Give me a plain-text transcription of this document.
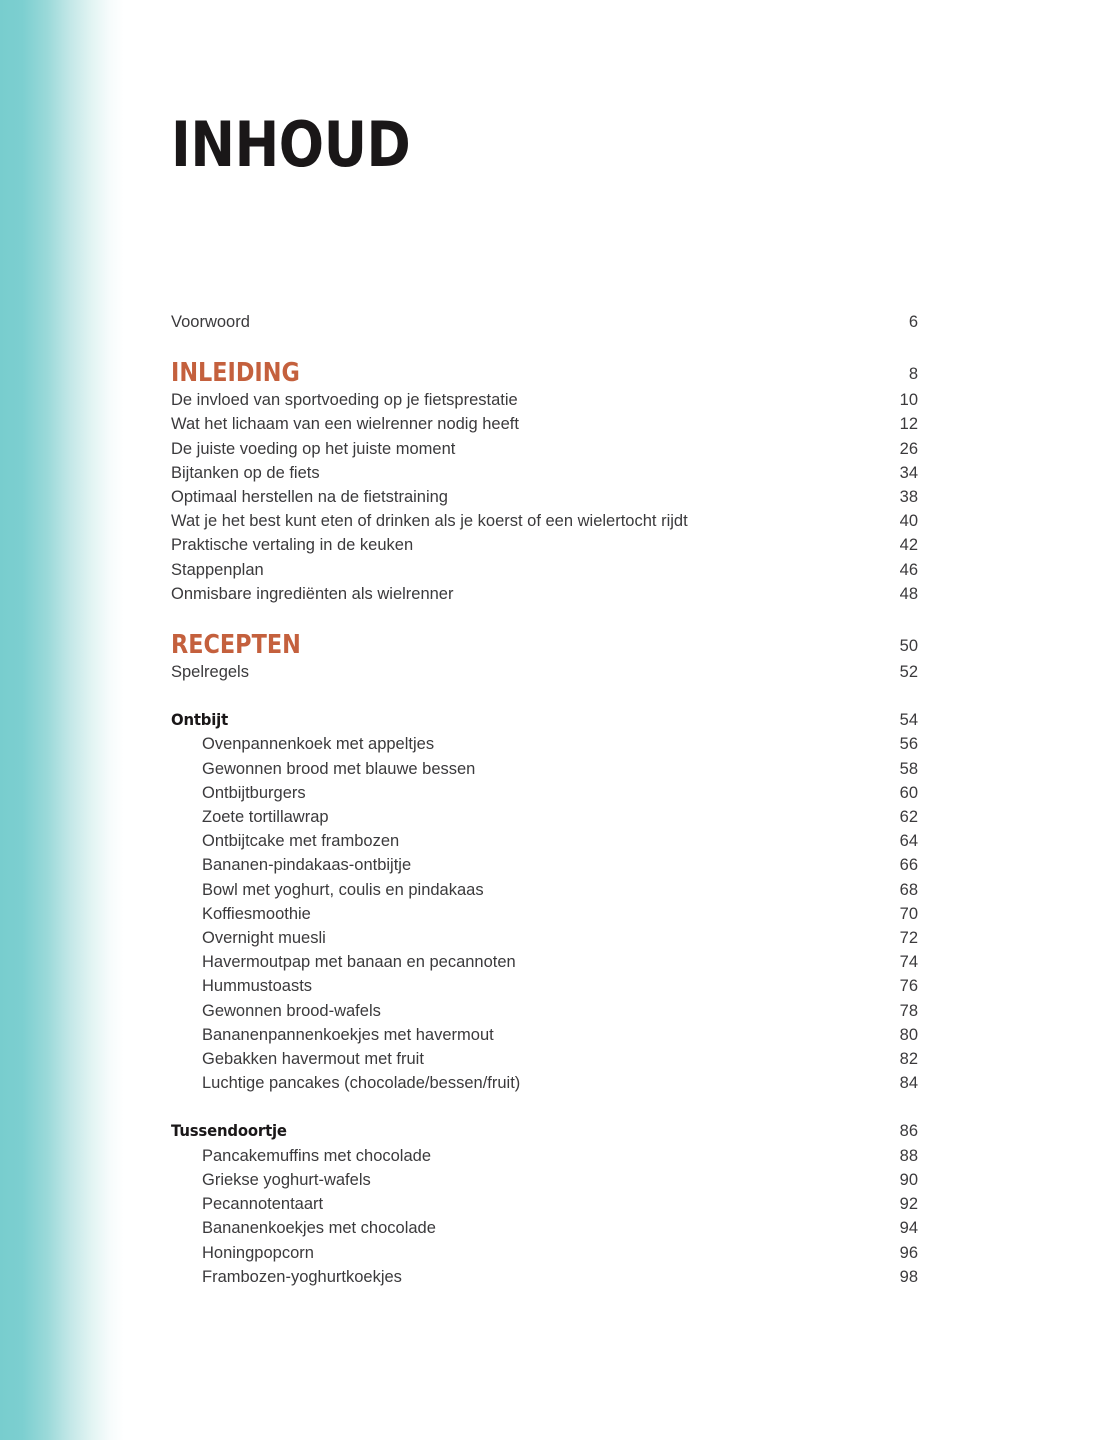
INHOUD
Voorwoord	6
INLEIDING	8
De invloed van sportvoeding op je fietsprestatie	10
Wat het lichaam van een wielrenner nodig heeft	12
De juiste voeding op het juiste moment	26
Bijtanken op de fiets	34
Optimaal herstellen na de fietstraining	38
Wat je het best kunt eten of drinken als je koerst of een wielertocht rijdt	40
Praktische vertaling in de keuken	42
Stappenplan	46
Onmisbare ingrediënten als wielrenner	48
RECEPTEN	50
Spelregels	52
Ontbijt	54
Ovenpannenkoek met appeltjes	56
Gewonnen brood met blauwe bessen	58
Ontbijtburgers	60
Zoete tortillawrap	62
Ontbijtcake met frambozen	64
Bananen-pindakaas-ontbijtje	66
Bowl met yoghurt, coulis en pindakaas	68
Koffiesmoothie	70
Overnight muesli	72
Havermoutpap met banaan en pecannoten	74
Hummustoasts	76
Gewonnen brood-wafels	78
Bananenpannenkoekjes met havermout	80
Gebakken havermout met fruit	82
Luchtige pancakes (chocolade/bessen/fruit)	84
Tussendoortje	86
Pancakemuffins met chocolade	88
Griekse yoghurt-wafels	90
Pecannotentaart	92
Bananenkoekjes met chocolade	94
Honingpopcorn	96
Frambozen-yoghurtkoekjes	98
